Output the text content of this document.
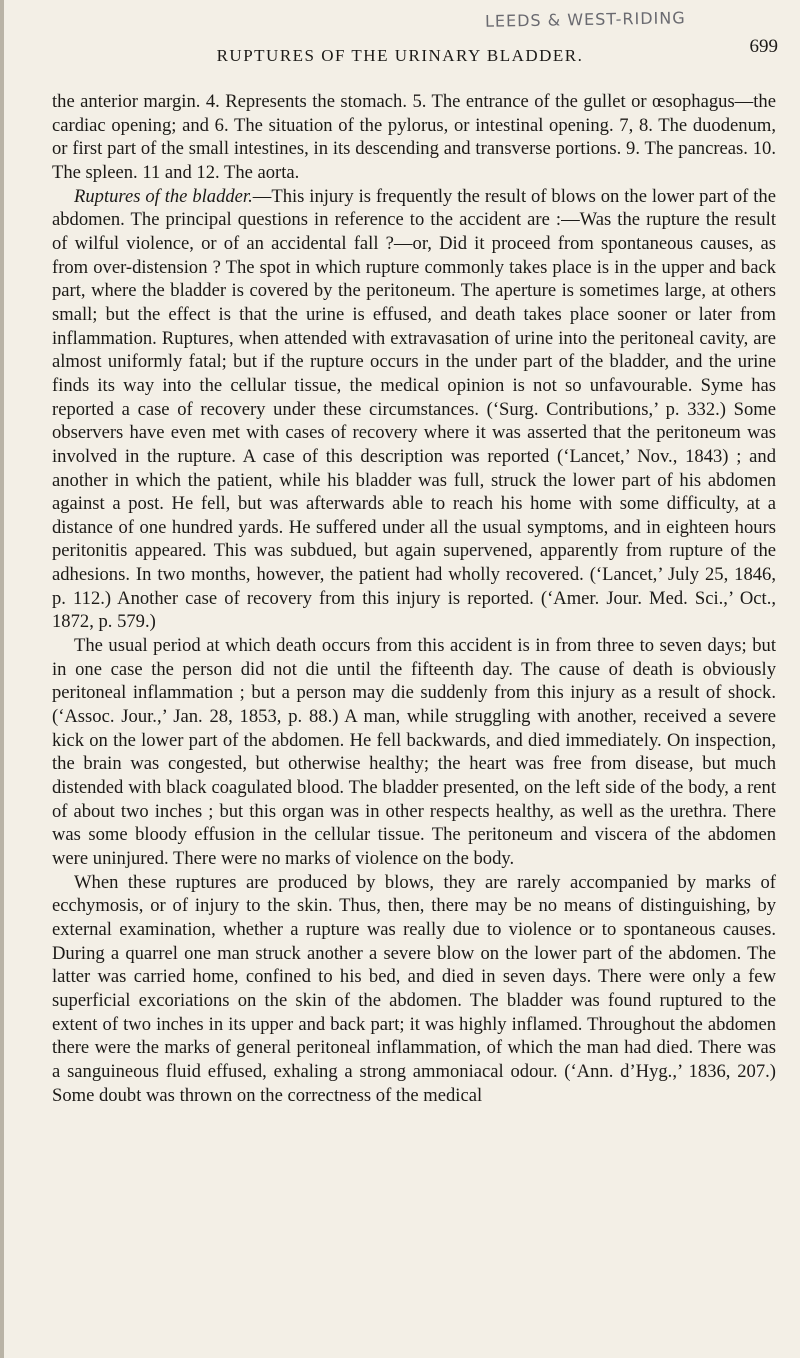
LEEDS & WEST-RIDING
RUPTURES OF THE URINARY BLADDER.	699

the anterior margin. 4. Represents the stomach. 5. The entrance of the gullet or œsophagus—the cardiac opening; and 6. The situation of the pylorus, or intestinal opening. 7, 8. The duodenum, or first part of the small intestines, in its descending and transverse portions. 9. The pancreas. 10. The spleen. 11 and 12. The aorta.

Ruptures of the bladder.—This injury is frequently the result of blows on the lower part of the abdomen. The principal questions in reference to the accident are :—Was the rupture the result of wilful violence, or of an accidental fall ?—or, Did it proceed from spontaneous causes, as from over-distension ? The spot in which rupture commonly takes place is in the upper and back part, where the bladder is covered by the peritoneum. The aperture is sometimes large, at others small; but the effect is that the urine is effused, and death takes place sooner or later from inflammation. Ruptures, when attended with extravasation of urine into the peritoneal cavity, are almost uniformly fatal; but if the rupture occurs in the under part of the bladder, and the urine finds its way into the cellular tissue, the medical opinion is not so unfavourable. Syme has reported a case of recovery under these circumstances. (‘Surg. Contributions,’ p. 332.) Some observers have even met with cases of recovery where it was asserted that the peritoneum was involved in the rupture. A case of this description was reported (‘Lancet,’ Nov., 1843) ; and another in which the patient, while his bladder was full, struck the lower part of his abdomen against a post. He fell, but was afterwards able to reach his home with some difficulty, at a distance of one hundred yards. He suffered under all the usual symptoms, and in eighteen hours peritonitis appeared. This was subdued, but again supervened, apparently from rupture of the adhesions. In two months, however, the patient had wholly recovered. (‘Lancet,’ July 25, 1846, p. 112.) Another case of recovery from this injury is reported. (‘Amer. Jour. Med. Sci.,’ Oct., 1872, p. 579.)

The usual period at which death occurs from this accident is in from three to seven days; but in one case the person did not die until the fifteenth day. The cause of death is obviously peritoneal inflammation ; but a person may die suddenly from this injury as a result of shock. (‘Assoc. Jour.,’ Jan. 28, 1853, p. 88.) A man, while struggling with another, received a severe kick on the lower part of the abdomen. He fell backwards, and died immediately. On inspection, the brain was congested, but otherwise healthy; the heart was free from disease, but much distended with black coagulated blood. The bladder presented, on the left side of the body, a rent of about two inches ; but this organ was in other respects healthy, as well as the urethra. There was some bloody effusion in the cellular tissue. The peritoneum and viscera of the abdomen were uninjured. There were no marks of violence on the body.

When these ruptures are produced by blows, they are rarely accompanied by marks of ecchymosis, or of injury to the skin. Thus, then, there may be no means of distinguishing, by external examination, whether a rupture was really due to violence or to spontaneous causes. During a quarrel one man struck another a severe blow on the lower part of the abdomen. The latter was carried home, confined to his bed, and died in seven days. There were only a few superficial excoriations on the skin of the abdomen. The bladder was found ruptured to the extent of two inches in its upper and back part; it was highly inflamed. Throughout the abdomen there were the marks of general peritoneal inflammation, of which the man had died. There was a sanguineous fluid effused, exhaling a strong ammoniacal odour. (‘Ann. d’Hyg.,’ 1836, 207.) Some doubt was thrown on the correctness of the medical
